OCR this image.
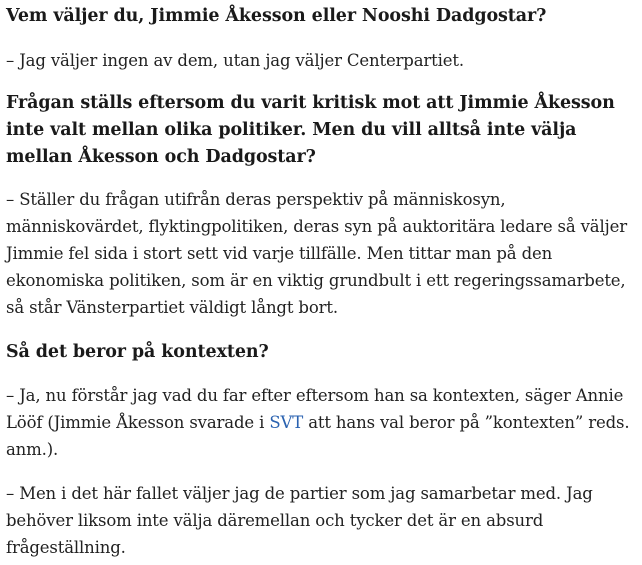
Vem väljer du, Jimmie Åkesson eller Nooshi Dadgostar?

– Jag väljer ingen av dem, utan jag väljer Centerpartiet.

Frågan ställs eftersom du varit kritisk mot att Jimmie Åkesson inte valt mellan olika politiker. Men du vill alltså inte välja mellan Åkesson och Dadgostar?

– Ställer du frågan utifrån deras perspektiv på människosyn, människovärdet, flyktingpolitiken, deras syn på auktoritära ledare så väljer Jimmie fel sida i stort sett vid varje tillfälle. Men tittar man på den ekonomiska politiken, som är en viktig grundbult i ett regeringssamarbete, så står Vänsterpartiet väldigt långt bort.

Så det beror på kontexten?

– Ja, nu förstår jag vad du far efter eftersom han sa kontexten, säger Annie Lööf (Jimmie Åkesson svarade i SVT att hans val beror på ”kontexten” reds. anm.).

– Men i det här fallet väljer jag de partier som jag samarbetar med. Jag behöver liksom inte välja däremellan och tycker det är en absurd frågeställning.
